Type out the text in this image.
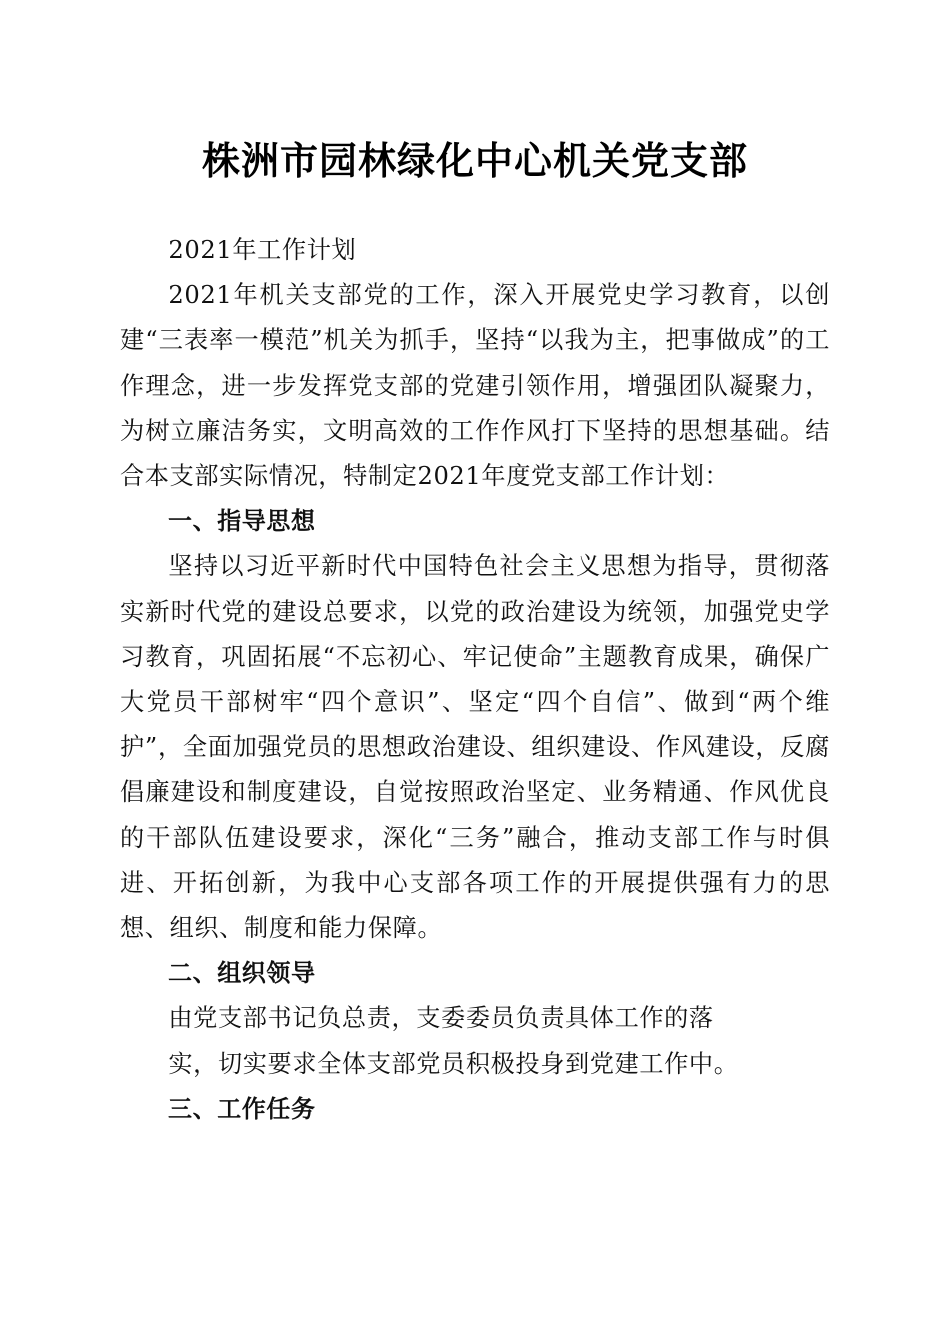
株洲市园林绿化中心机关党支部

2021年工作计划

2021年机关支部党的工作，深入开展党史学习教育，以创建“三表率一模范”机关为抓手，坚持“以我为主，把事做成”的工作理念，进一步发挥党支部的党建引领作用，增强团队凝聚力，为树立廉洁务实，文明高效的工作作风打下坚持的思想基础。结合本支部实际情况，特制定2021年度党支部工作计划：

一、指导思想

坚持以习近平新时代中国特色社会主义思想为指导，贯彻落实新时代党的建设总要求，以党的政治建设为统领，加强党史学习教育，巩固拓展“不忘初心、牢记使命”主题教育成果，确保广大党员干部树牢“四个意识”、坚定“四个自信”、做到“两个维护”，全面加强党员的思想政治建设、组织建设、作风建设，反腐倡廉建设和制度建设，自觉按照政治坚定、业务精通、作风优良的干部队伍建设要求，深化“三务”融合，推动支部工作与时俱进、开拓创新，为我中心支部各项工作的开展提供强有力的思想、组织、制度和能力保障。

二、组织领导

由党支部书记负总责，支委委员负责具体工作的落

实，切实要求全体支部党员积极投身到党建工作中。

三、工作任务
